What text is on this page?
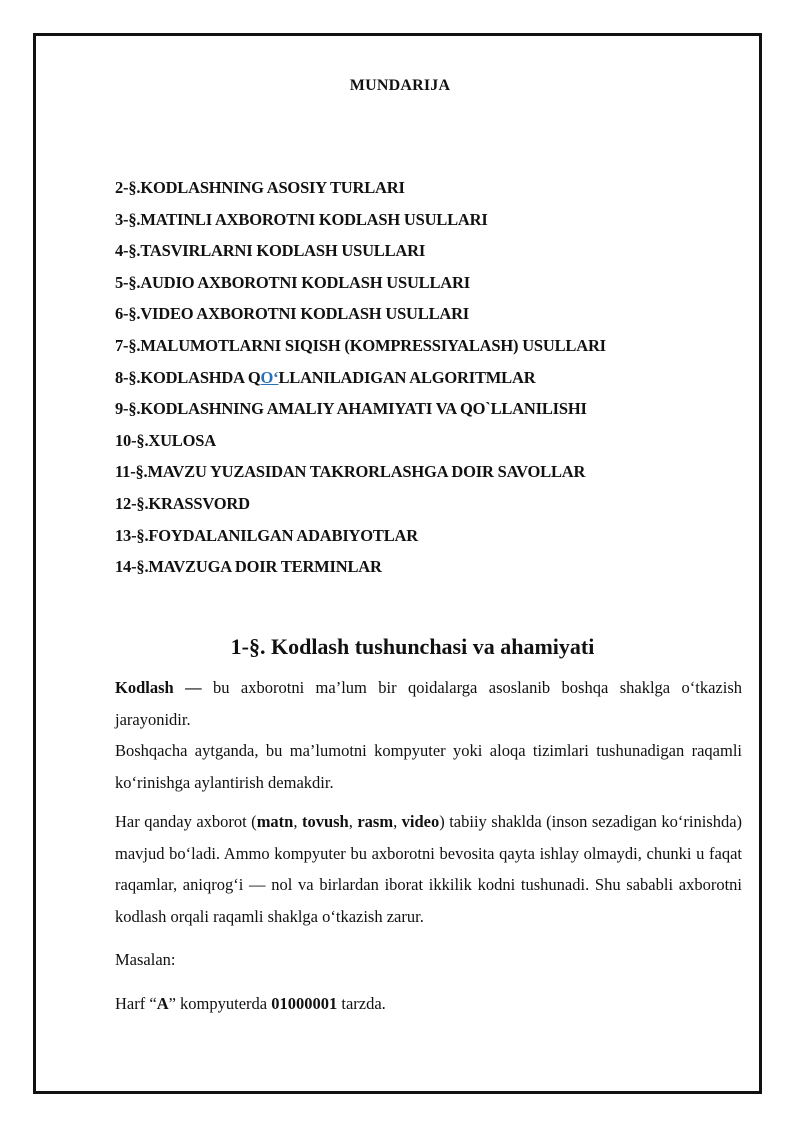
MUNDARIJA
2-§.KODLASHNING ASOSIY TURLARI
3-§.MATINLI AXBOROTNI KODLASH USULLARI
4-§.TASVIRLARNI KODLASH USULLARI
5-§.AUDIO AXBOROTNI KODLASH USULLARI
6-§.VIDEO AXBOROTNI KODLASH USULLARI
7-§.MALUMOTLARNI SIQISH (KOMPRESSIYALASH) USULLARI
8-§.KODLASHDA QO‘LLANILADIGAN ALGORITMLAR
9-§.KODLASHNING AMALIY AHAMIYATI VA QO`LLANILISHI
10-§.XULOSA
11-§.MAVZU YUZASIDAN TAKRORLASHGA DOIR SAVOLLAR
12-§.KRASSVORD
13-§.FOYDALANILGAN ADABIYOTLAR
14-§.MAVZUGA DOIR TERMINLAR
1-§. Kodlash tushunchasi va ahamiyati

Kodlash — bu axborotni ma’lum bir qoidalarga asoslanib boshqa shaklga o‘tkazish jarayonidir.

Boshqacha aytganda, bu ma’lumotni kompyuter yoki aloqa tizimlari tushunadigan raqamli ko‘rinishga aylantirish demakdir.

Har qanday axborot (matn, tovush, rasm, video) tabiiy shaklda (inson sezadigan ko‘rinishda) mavjud bo‘ladi. Ammo kompyuter bu axborotni bevosita qayta ishlay olmaydi, chunki u faqat raqamlar, aniqrog‘i — nol va birlardan iborat ikkilik kodni tushunadi. Shu sababli axborotni kodlash orqali raqamli shaklga o‘tkazish zarur.

Masalan:

Harf “A” kompyuterda 01000001 tarzda.
